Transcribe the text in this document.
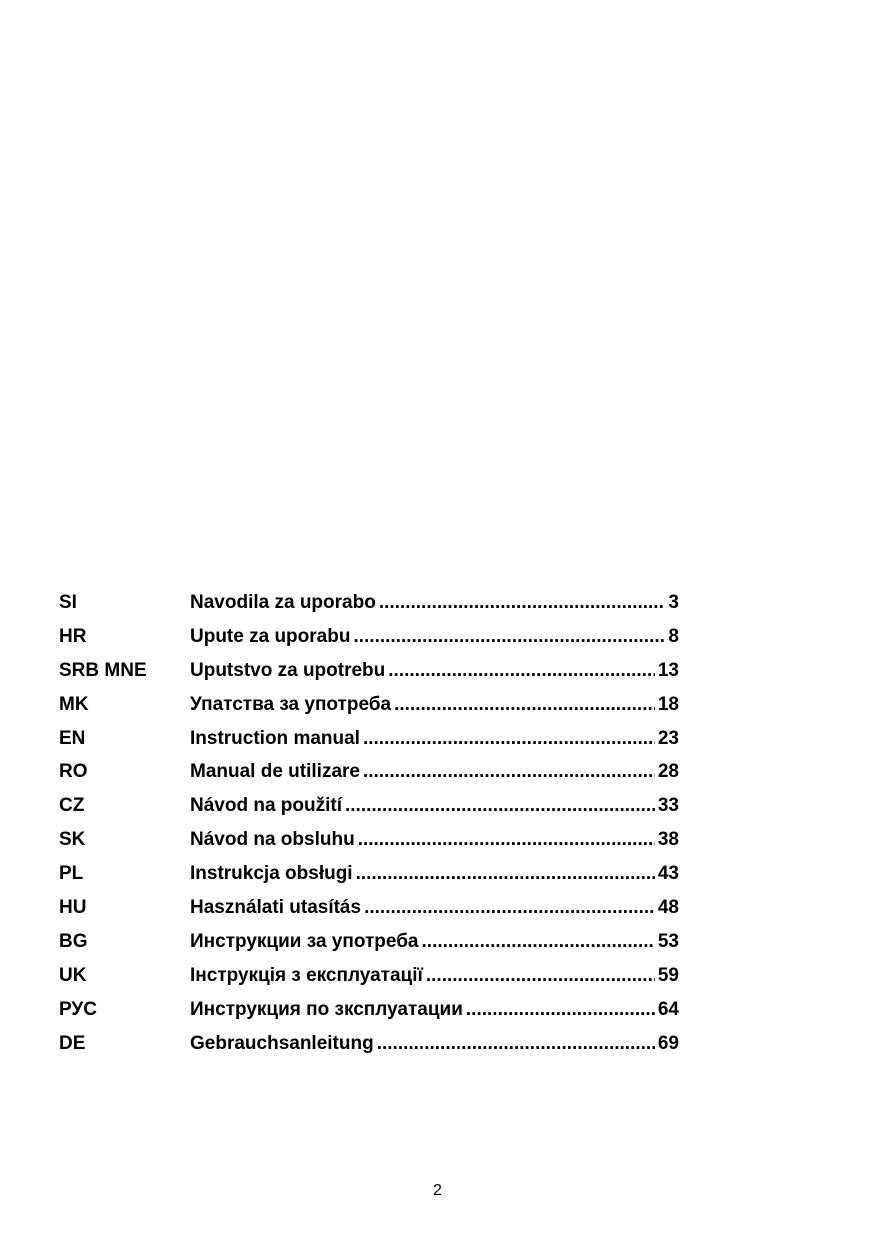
SI	Navodila za uporabo .....	3
HR	Upute za uporabu .....	8
SRB MNE	Uputstvo za upotrebu .....	13
MK	Упатства за употреба .....	18
EN	Instruction manual .....	23
RO	Manual de utilizare .....	28
CZ	Návod na použití .....	33
SK	Návod na obsluhu .....	38
PL	Instrukcja obsługi .....	43
HU	Használati utasítás .....	48
BG	Инструкции за употреба .....	53
UK	Інструкція з експлуатації .....	59
РУС	Инструкция по зксплуатации .....	64
DE	Gebrauchsanleitung .....	69
2
